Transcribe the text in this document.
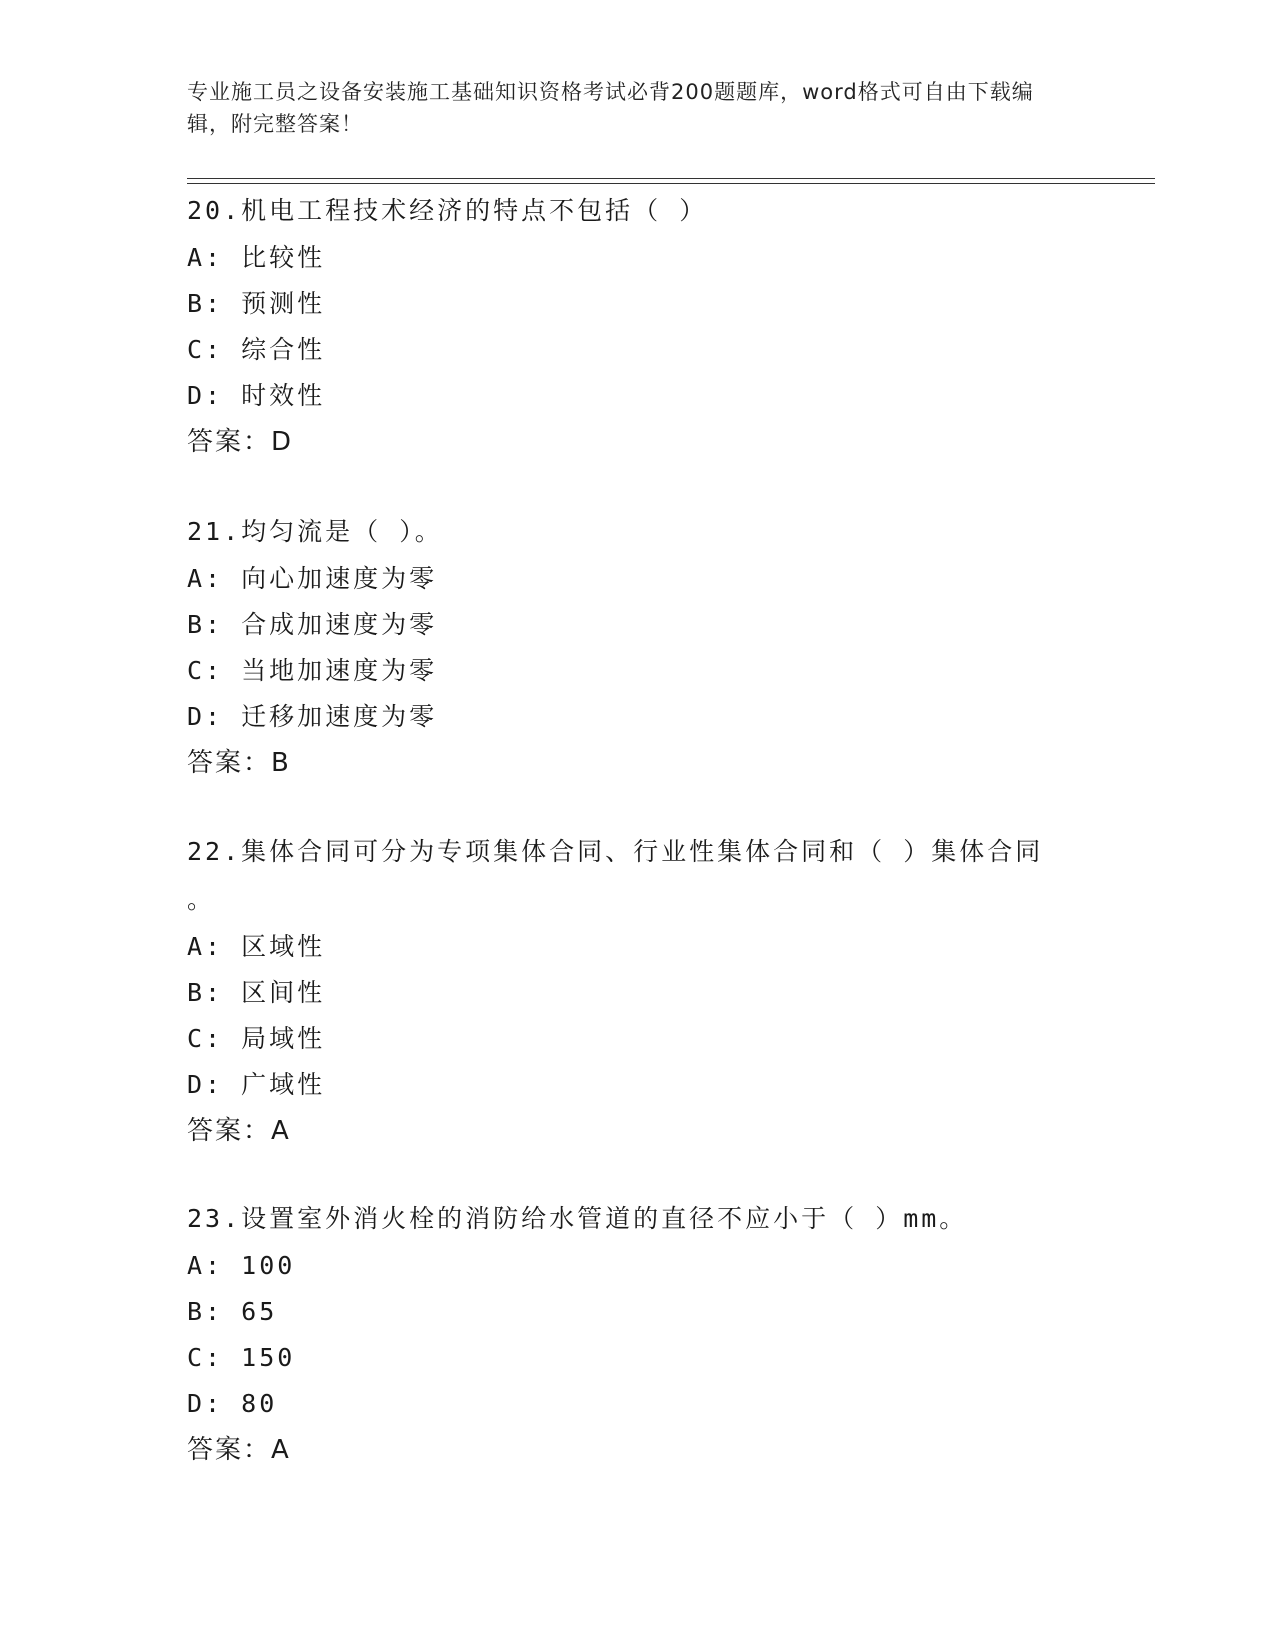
专业施工员之设备安装施工基础知识资格考试必背200题题库，word格式可自由下载编辑，附完整答案！

20.机电工程技术经济的特点不包括（ ）

A: 比较性

B: 预测性

C: 综合性

D: 时效性

答案：D

21.均匀流是（ ）。

A: 向心加速度为零

B: 合成加速度为零

C: 当地加速度为零

D: 迁移加速度为零

答案：B

22.集体合同可分为专项集体合同、行业性集体合同和（ ）集体合同
。

A: 区域性

B: 区间性

C: 局域性

D: 广域性

答案：A

23.设置室外消火栓的消防给水管道的直径不应小于（ ）mm。

A: 100

B: 65

C: 150

D: 80

答案：A
